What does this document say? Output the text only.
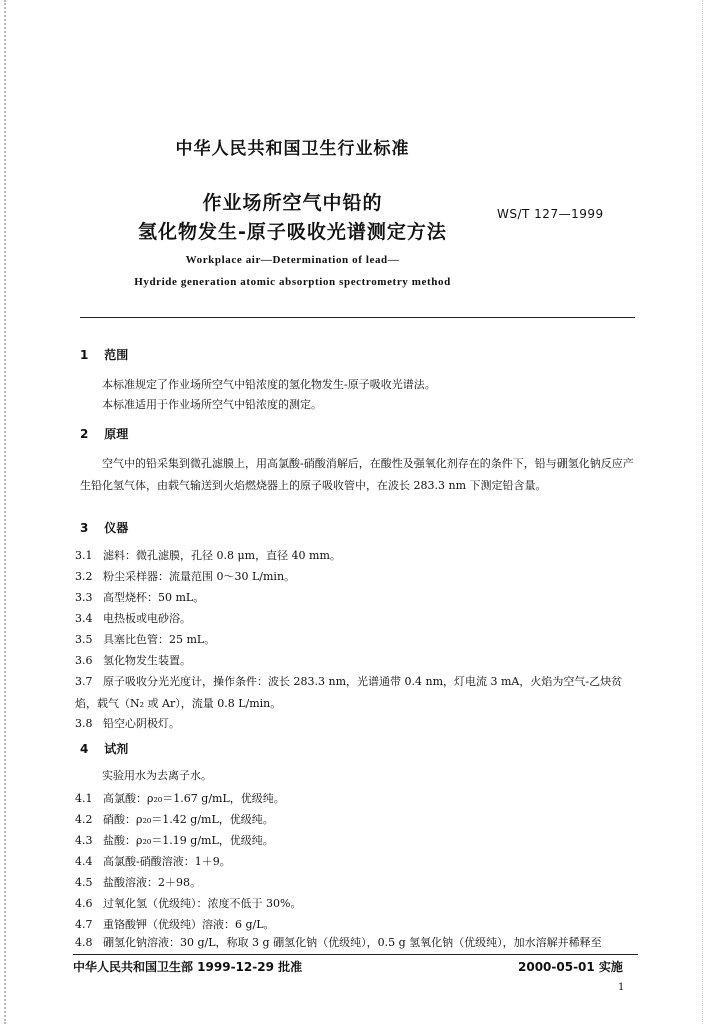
中华人民共和国卫生行业标准
作业场所空气中铅的
氢化物发生-原子吸收光谱测定方法
WS/T 127—1999
Workplace air—Determination of lead—
Hydride generation atomic absorption spectrometry method
1 范围
本标准规定了作业场所空气中铅浓度的氢化物发生-原子吸收光谱法。
本标准适用于作业场所空气中铅浓度的测定。
2 原理
空气中的铅采集到微孔滤膜上，用高氯酸-硝酸消解后，在酸性及强氧化剂存在的条件下，铅与硼氢化钠反应产生铅化氢气体，由载气输送到火焰燃烧器上的原子吸收管中，在波长 283.3 nm 下测定铅含量。
3 仪器
3.1 滤料：微孔滤膜，孔径 0.8 μm，直径 40 mm。
3.2 粉尘采样器：流量范围 0～30 L/min。
3.3 高型烧杯：50 mL。
3.4 电热板或电砂浴。
3.5 具塞比色管：25 mL。
3.6 氢化物发生装置。
3.7 原子吸收分光光度计，操作条件：波长 283.3 nm，光谱通带 0.4 nm，灯电流 3 mA，火焰为空气-乙炔贫焰，载气（N₂ 或 Ar），流量 0.8 L/min。
3.8 铅空心阴极灯。
4 试剂
实验用水为去离子水。
4.1 高氯酸：ρ₂₀＝1.67 g/mL，优级纯。
4.2 硝酸：ρ₂₀＝1.42 g/mL，优级纯。
4.3 盐酸：ρ₂₀＝1.19 g/mL，优级纯。
4.4 高氯酸-硝酸溶液：1＋9。
4.5 盐酸溶液：2＋98。
4.6 过氧化氢（优级纯）：浓度不低于 30%。
4.7 重铬酸钾（优级纯）溶液：6 g/L。
4.8 硼氢化钠溶液：30 g/L，称取 3 g 硼氢化钠（优级纯），0.5 g 氢氧化钠（优级纯），加水溶解并稀释至
中华人民共和国卫生部 1999-12-29 批准	2000-05-01 实施
1
